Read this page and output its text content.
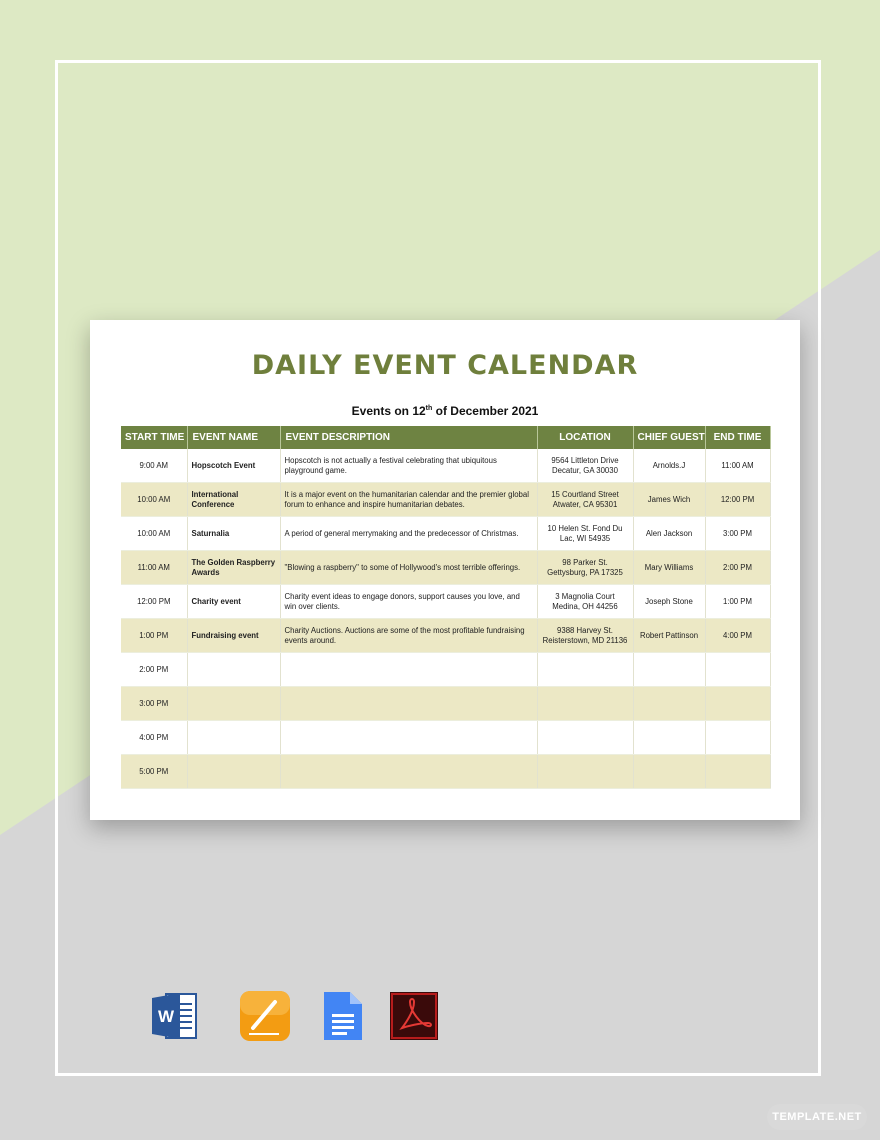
DAILY EVENT CALENDAR
Events on 12th of December 2021
START TIME	EVENT NAME	EVENT DESCRIPTION	LOCATION	CHIEF GUEST	END TIME
9:00 AM	Hopscotch Event	Hopscotch is not actually a festival celebrating that ubiquitous playground game.	9564 Littleton Drive Decatur, GA 30030	Arnolds.J	11:00 AM
10:00 AM	International Conference	It is a major event on the humanitarian calendar and the premier global forum to enhance and inspire humanitarian debates.	15 Courtland Street Atwater, CA 95301	James Wich	12:00 PM
10:00 AM	Saturnalia	A period of general merrymaking and the predecessor of Christmas.	10 Helen St. Fond Du Lac, WI 54935	Alen Jackson	3:00 PM
11:00 AM	The Golden Raspberry Awards	"Blowing a raspberry" to some of Hollywood's most terrible offerings.	98 Parker St. Gettysburg, PA 17325	Mary Williams	2:00 PM
12:00 PM	Charity event	Charity event ideas to engage donors, support causes you love, and win over clients.	3 Magnolia Court Medina, OH 44256	Joseph Stone	1:00 PM
1:00 PM	Fundraising event	Charity Auctions. Auctions are some of the most profitable fundraising events around.	9388 Harvey St. Reisterstown, MD 21136	Robert Pattinson	4:00 PM
2:00 PM					
3:00 PM					
4:00 PM					
5:00 PM					
W
TEMPLATE.NET
